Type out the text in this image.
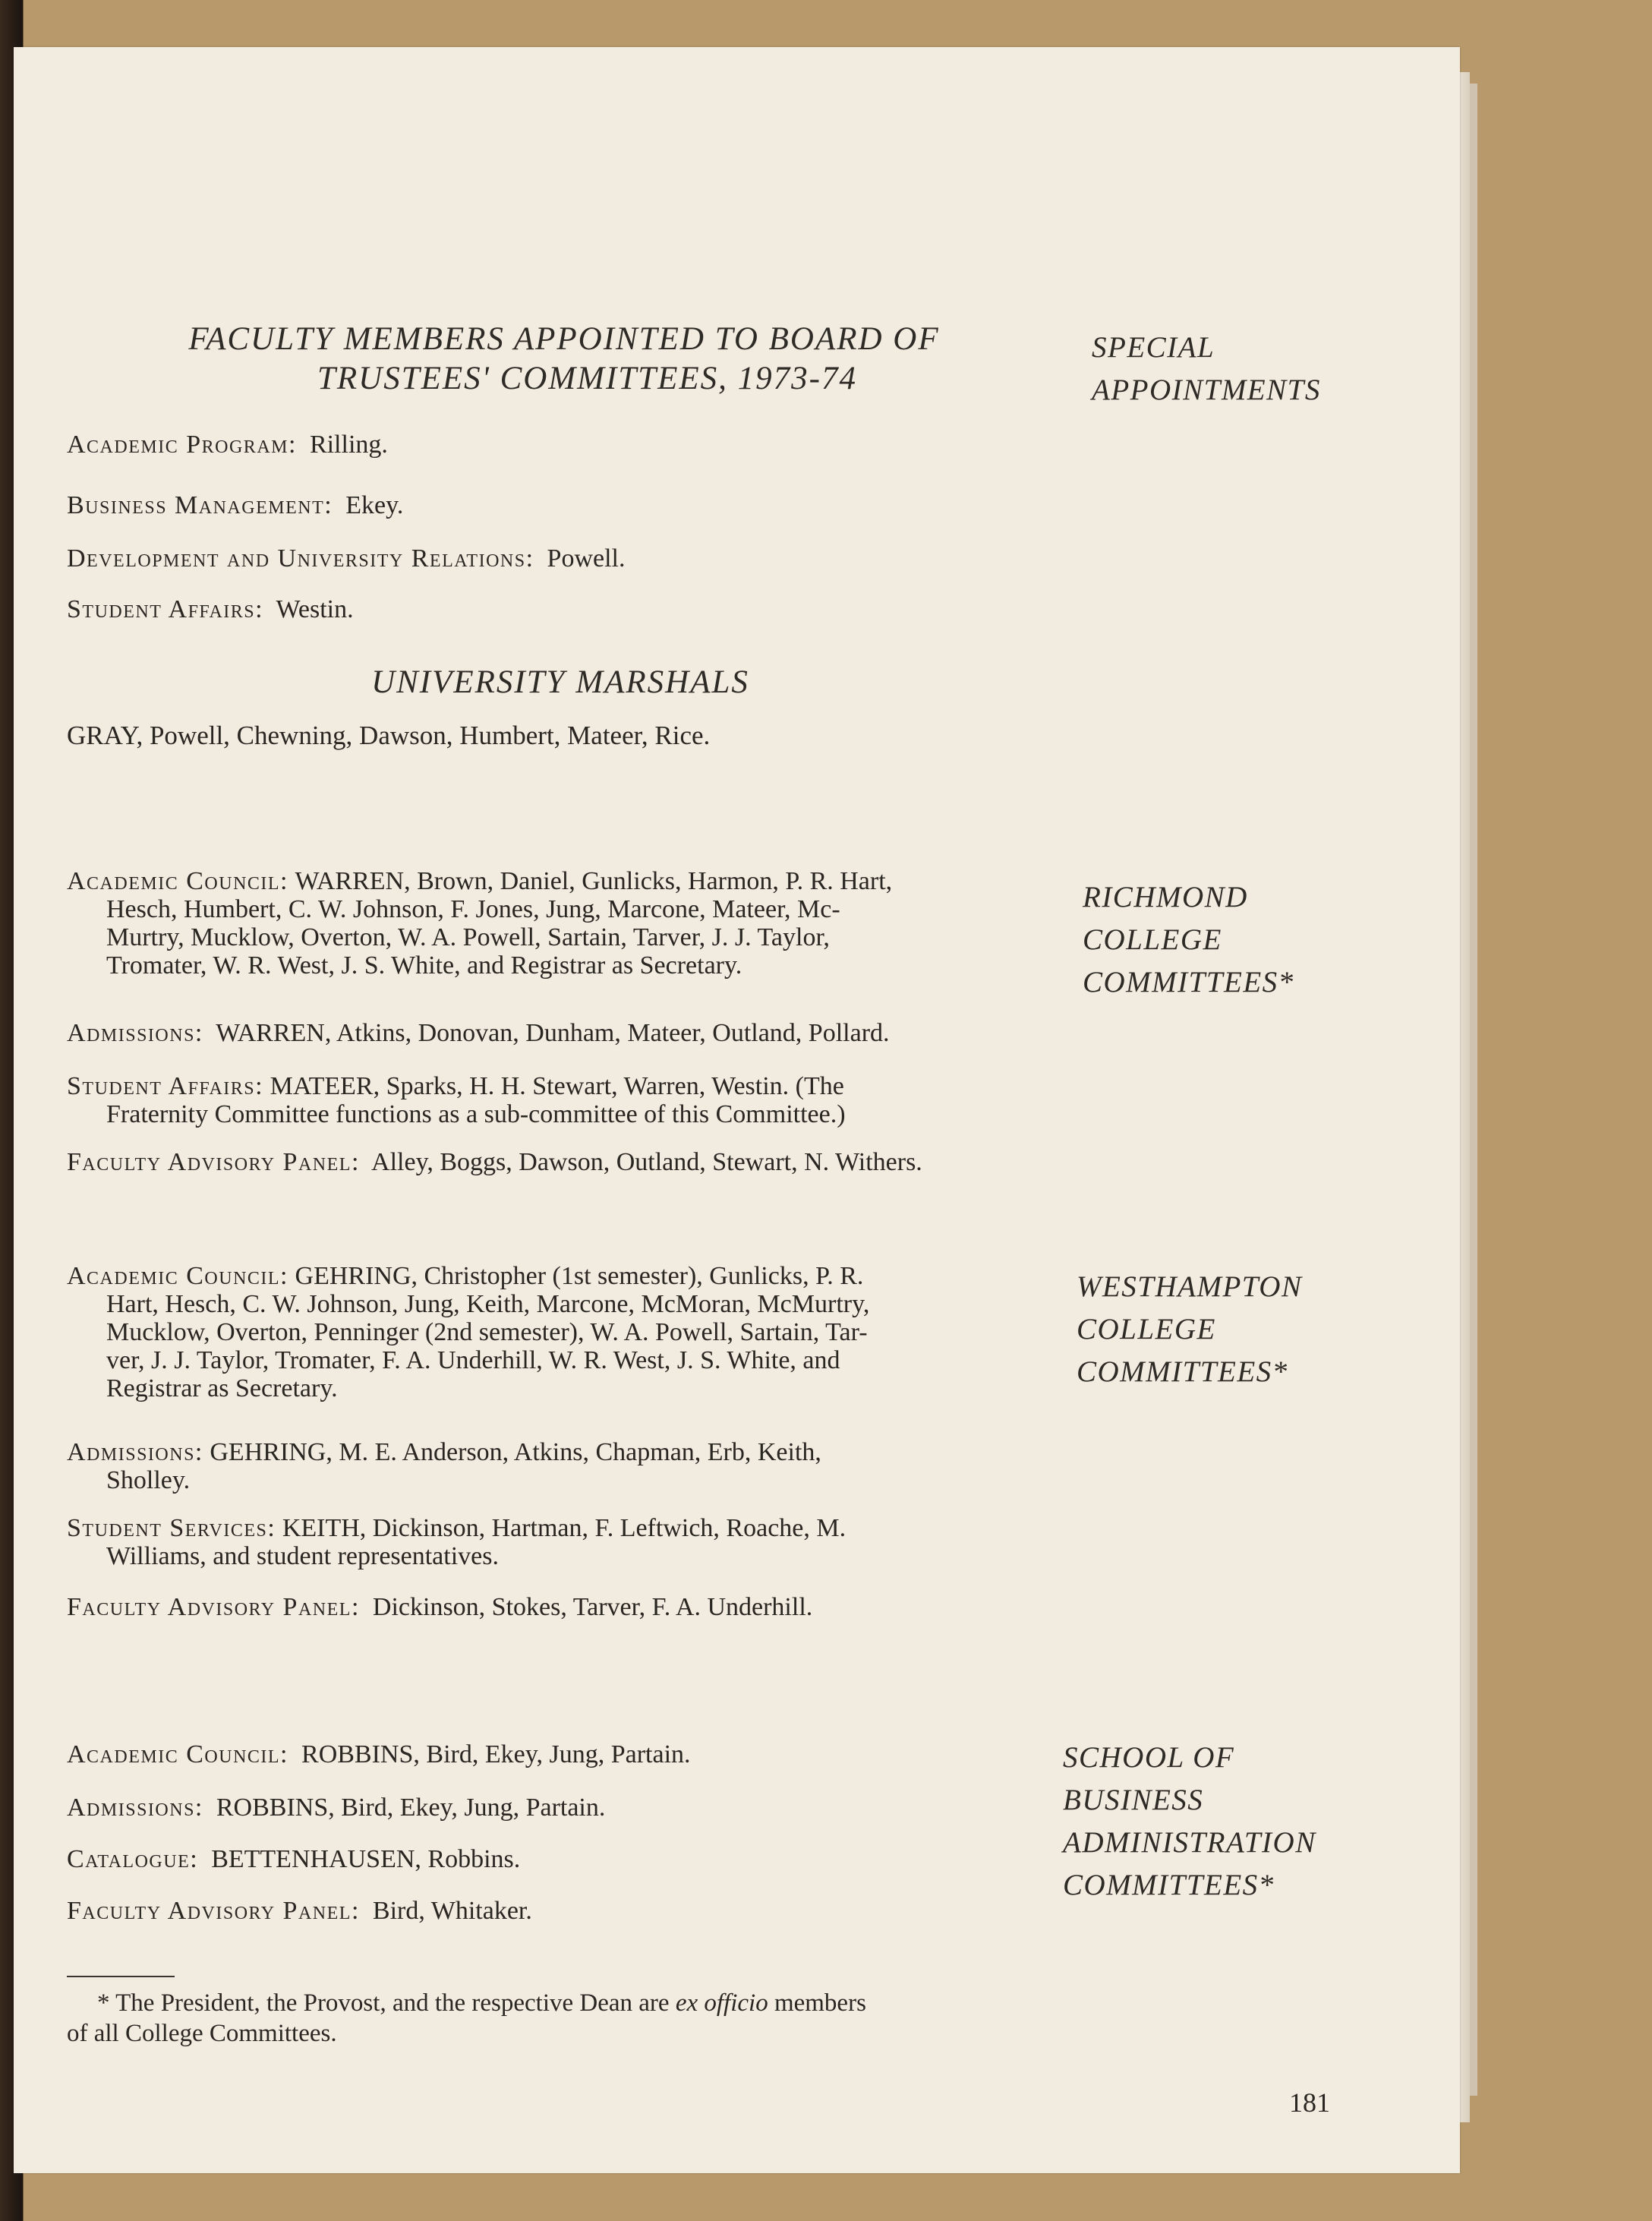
FACULTY MEMBERS APPOINTED TO BOARD OF
TRUSTEES' COMMITTEES, 1973-74
SPECIAL
APPOINTMENTS
Academic Program: Rilling.
Business Management: Ekey.
Development and University Relations: Powell.
Student Affairs: Westin.
UNIVERSITY MARSHALS
GRAY, Powell, Chewning, Dawson, Humbert, Mateer, Rice.
RICHMOND
COLLEGE
COMMITTEES*
Academic Council: WARREN, Brown, Daniel, Gunlicks, Harmon, P. R. Hart,
Hesch, Humbert, C. W. Johnson, F. Jones, Jung, Marcone, Mateer, Mc-
Murtry, Mucklow, Overton, W. A. Powell, Sartain, Tarver, J. J. Taylor,
Tromater, W. R. West, J. S. White, and Registrar as Secretary.
Admissions: WARREN, Atkins, Donovan, Dunham, Mateer, Outland, Pollard.
Student Affairs: MATEER, Sparks, H. H. Stewart, Warren, Westin. (The
Fraternity Committee functions as a sub-committee of this Committee.)
Faculty Advisory Panel: Alley, Boggs, Dawson, Outland, Stewart, N. Withers.
WESTHAMPTON
COLLEGE
COMMITTEES*
Academic Council: GEHRING, Christopher (1st semester), Gunlicks, P. R.
Hart, Hesch, C. W. Johnson, Jung, Keith, Marcone, McMoran, McMurtry,
Mucklow, Overton, Penninger (2nd semester), W. A. Powell, Sartain, Tar-
ver, J. J. Taylor, Tromater, F. A. Underhill, W. R. West, J. S. White, and
Registrar as Secretary.
Admissions: GEHRING, M. E. Anderson, Atkins, Chapman, Erb, Keith,
Sholley.
Student Services: KEITH, Dickinson, Hartman, F. Leftwich, Roache, M.
Williams, and student representatives.
Faculty Advisory Panel: Dickinson, Stokes, Tarver, F. A. Underhill.
SCHOOL OF
BUSINESS
ADMINISTRATION
COMMITTEES*
Academic Council: ROBBINS, Bird, Ekey, Jung, Partain.
Admissions: ROBBINS, Bird, Ekey, Jung, Partain.
Catalogue: BETTENHAUSEN, Robbins.
Faculty Advisory Panel: Bird, Whitaker.
* The President, the Provost, and the respective Dean are ex officio members
of all College Committees.
181
